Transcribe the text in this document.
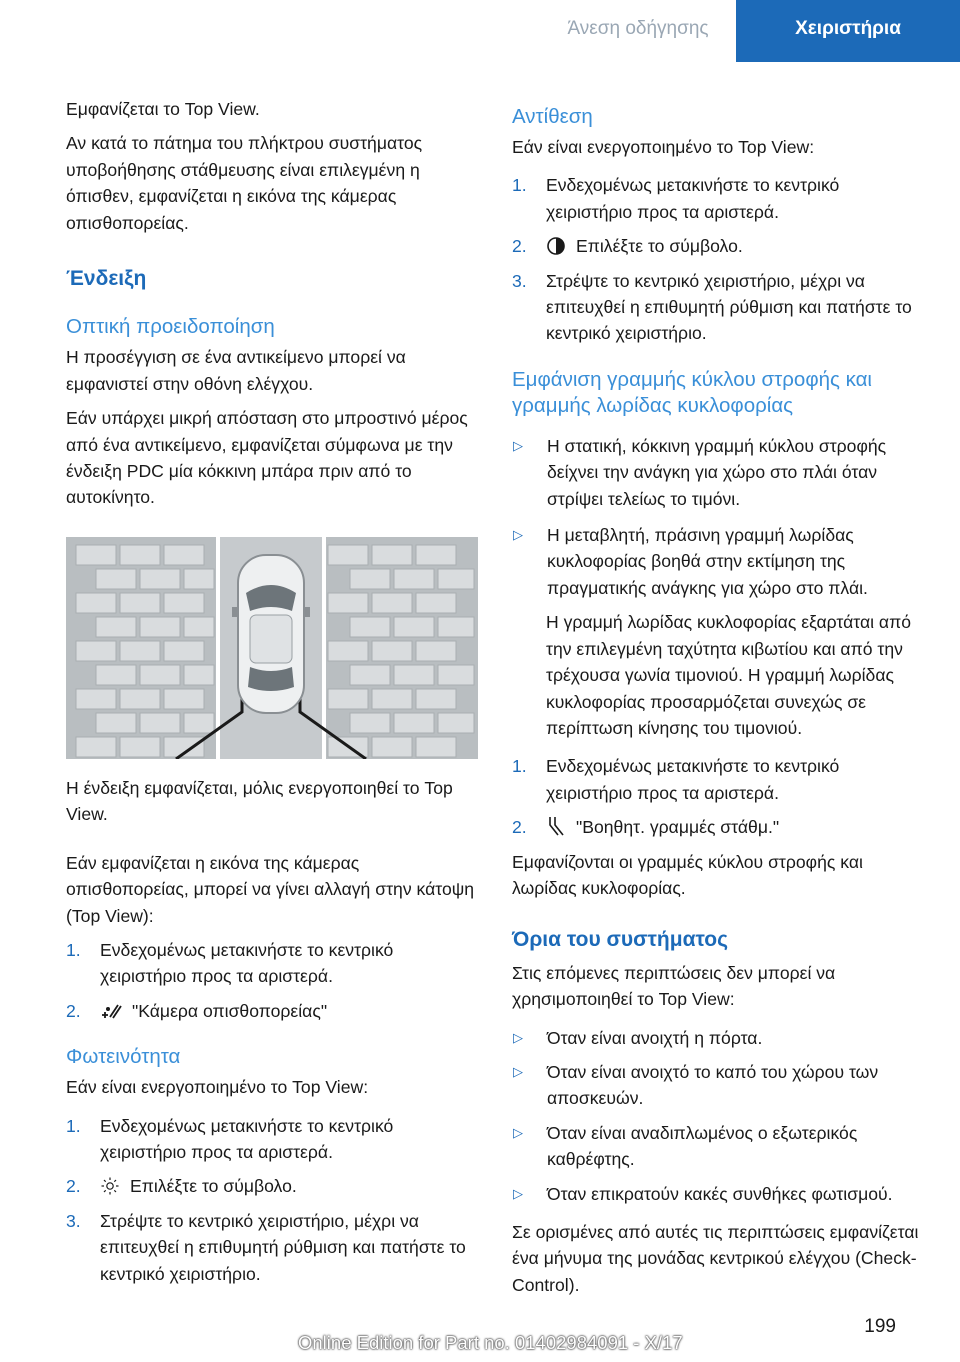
Άνεση οδήγησης	Χειριστήρια

Εμφανίζεται το Top View.

Αν κατά το πάτημα του πλήκτρου συστήματος υποβοήθησης στάθμευσης είναι επιλεγμένη η όπισθεν, εμφανίζεται η εικόνα της κάμερας οπισθοπορείας.

Ένδειξη
Οπτική προειδοποίηση

Η προσέγγιση σε ένα αντικείμενο μπορεί να εμφανιστεί στην οθόνη ελέγχου.

Εάν υπάρχει μικρή απόσταση στο μπροστινό μέρος από ένα αντικείμενο, εμφανίζεται σύμφωνα με την ένδειξη PDC μία κόκκινη μπάρα πριν από το αυτοκίνητο.

Η ένδειξη εμφανίζεται, μόλις ενεργοποιηθεί το Top View.

Εάν εμφανίζεται η εικόνα της κάμερας οπισθοπορείας, μπορεί να γίνει αλλαγή στην κάτοψη (Top View):

1.	Ενδεχομένως μετακινήστε το κεντρικό χειριστήριο προς τα αριστερά.
2.	"Κάμερα οπισθοπορείας"
Φωτεινότητα

Εάν είναι ενεργοποιημένο το Top View:

1.	Ενδεχομένως μετακινήστε το κεντρικό χειριστήριο προς τα αριστερά.
2.	Επιλέξτε το σύμβολο.
3.	Στρέψτε το κεντρικό χειριστήριο, μέχρι να επιτευχθεί η επιθυμητή ρύθμιση και πατήστε το κεντρικό χειριστήριο.
Αντίθεση

Εάν είναι ενεργοποιημένο το Top View:

1.	Ενδεχομένως μετακινήστε το κεντρικό χειριστήριο προς τα αριστερά.
2.	Επιλέξτε το σύμβολο.
3.	Στρέψτε το κεντρικό χειριστήριο, μέχρι να επιτευχθεί η επιθυμητή ρύθμιση και πατήστε το κεντρικό χειριστήριο.
Εμφάνιση γραμμής κύκλου στροφής και γραμμής λωρίδας κυκλοφορίας
▷	Η στατική, κόκκινη γραμμή κύκλου στροφής δείχνει την ανάγκη για χώρο στο πλάι όταν στρίψει τελείως το τιμόνι.
▷	Η μεταβλητή, πράσινη γραμμή λωρίδας κυκλοφορίας βοηθά στην εκτίμηση της πραγματικής ανάγκης για χώρο στο πλάι.

Η γραμμή λωρίδας κυκλοφορίας εξαρτάται από την επιλεγμένη ταχύτητα κιβωτίου και από την τρέχουσα γωνία τιμονιού. Η γραμμή λωρίδας κυκλοφορίας προσαρμόζεται συνεχώς σε περίπτωση κίνησης του τιμονιού.

1.	Ενδεχομένως μετακινήστε το κεντρικό χειριστήριο προς τα αριστερά.
2.	"Βοηθητ. γραμμές στάθμ."

Εμφανίζονται οι γραμμές κύκλου στροφής και λωρίδας κυκλοφορίας.

Όρια του συστήματος

Στις επόμενες περιπτώσεις δεν μπορεί να χρησιμοποιηθεί το Top View:

▷	Όταν είναι ανοιχτή η πόρτα.
▷	Όταν είναι ανοιχτό το καπό του χώρου των αποσκευών.
▷	Όταν είναι αναδιπλωμένος ο εξωτερικός καθρέφτης.
▷	Όταν επικρατούν κακές συνθήκες φωτισμού.

Σε ορισμένες από αυτές τις περιπτώσεις εμφανίζεται ένα μήνυμα της μονάδας κεντρικού ελέγχου (Check-Control).

199
Online Edition for Part no. 01402984091 - X/17
